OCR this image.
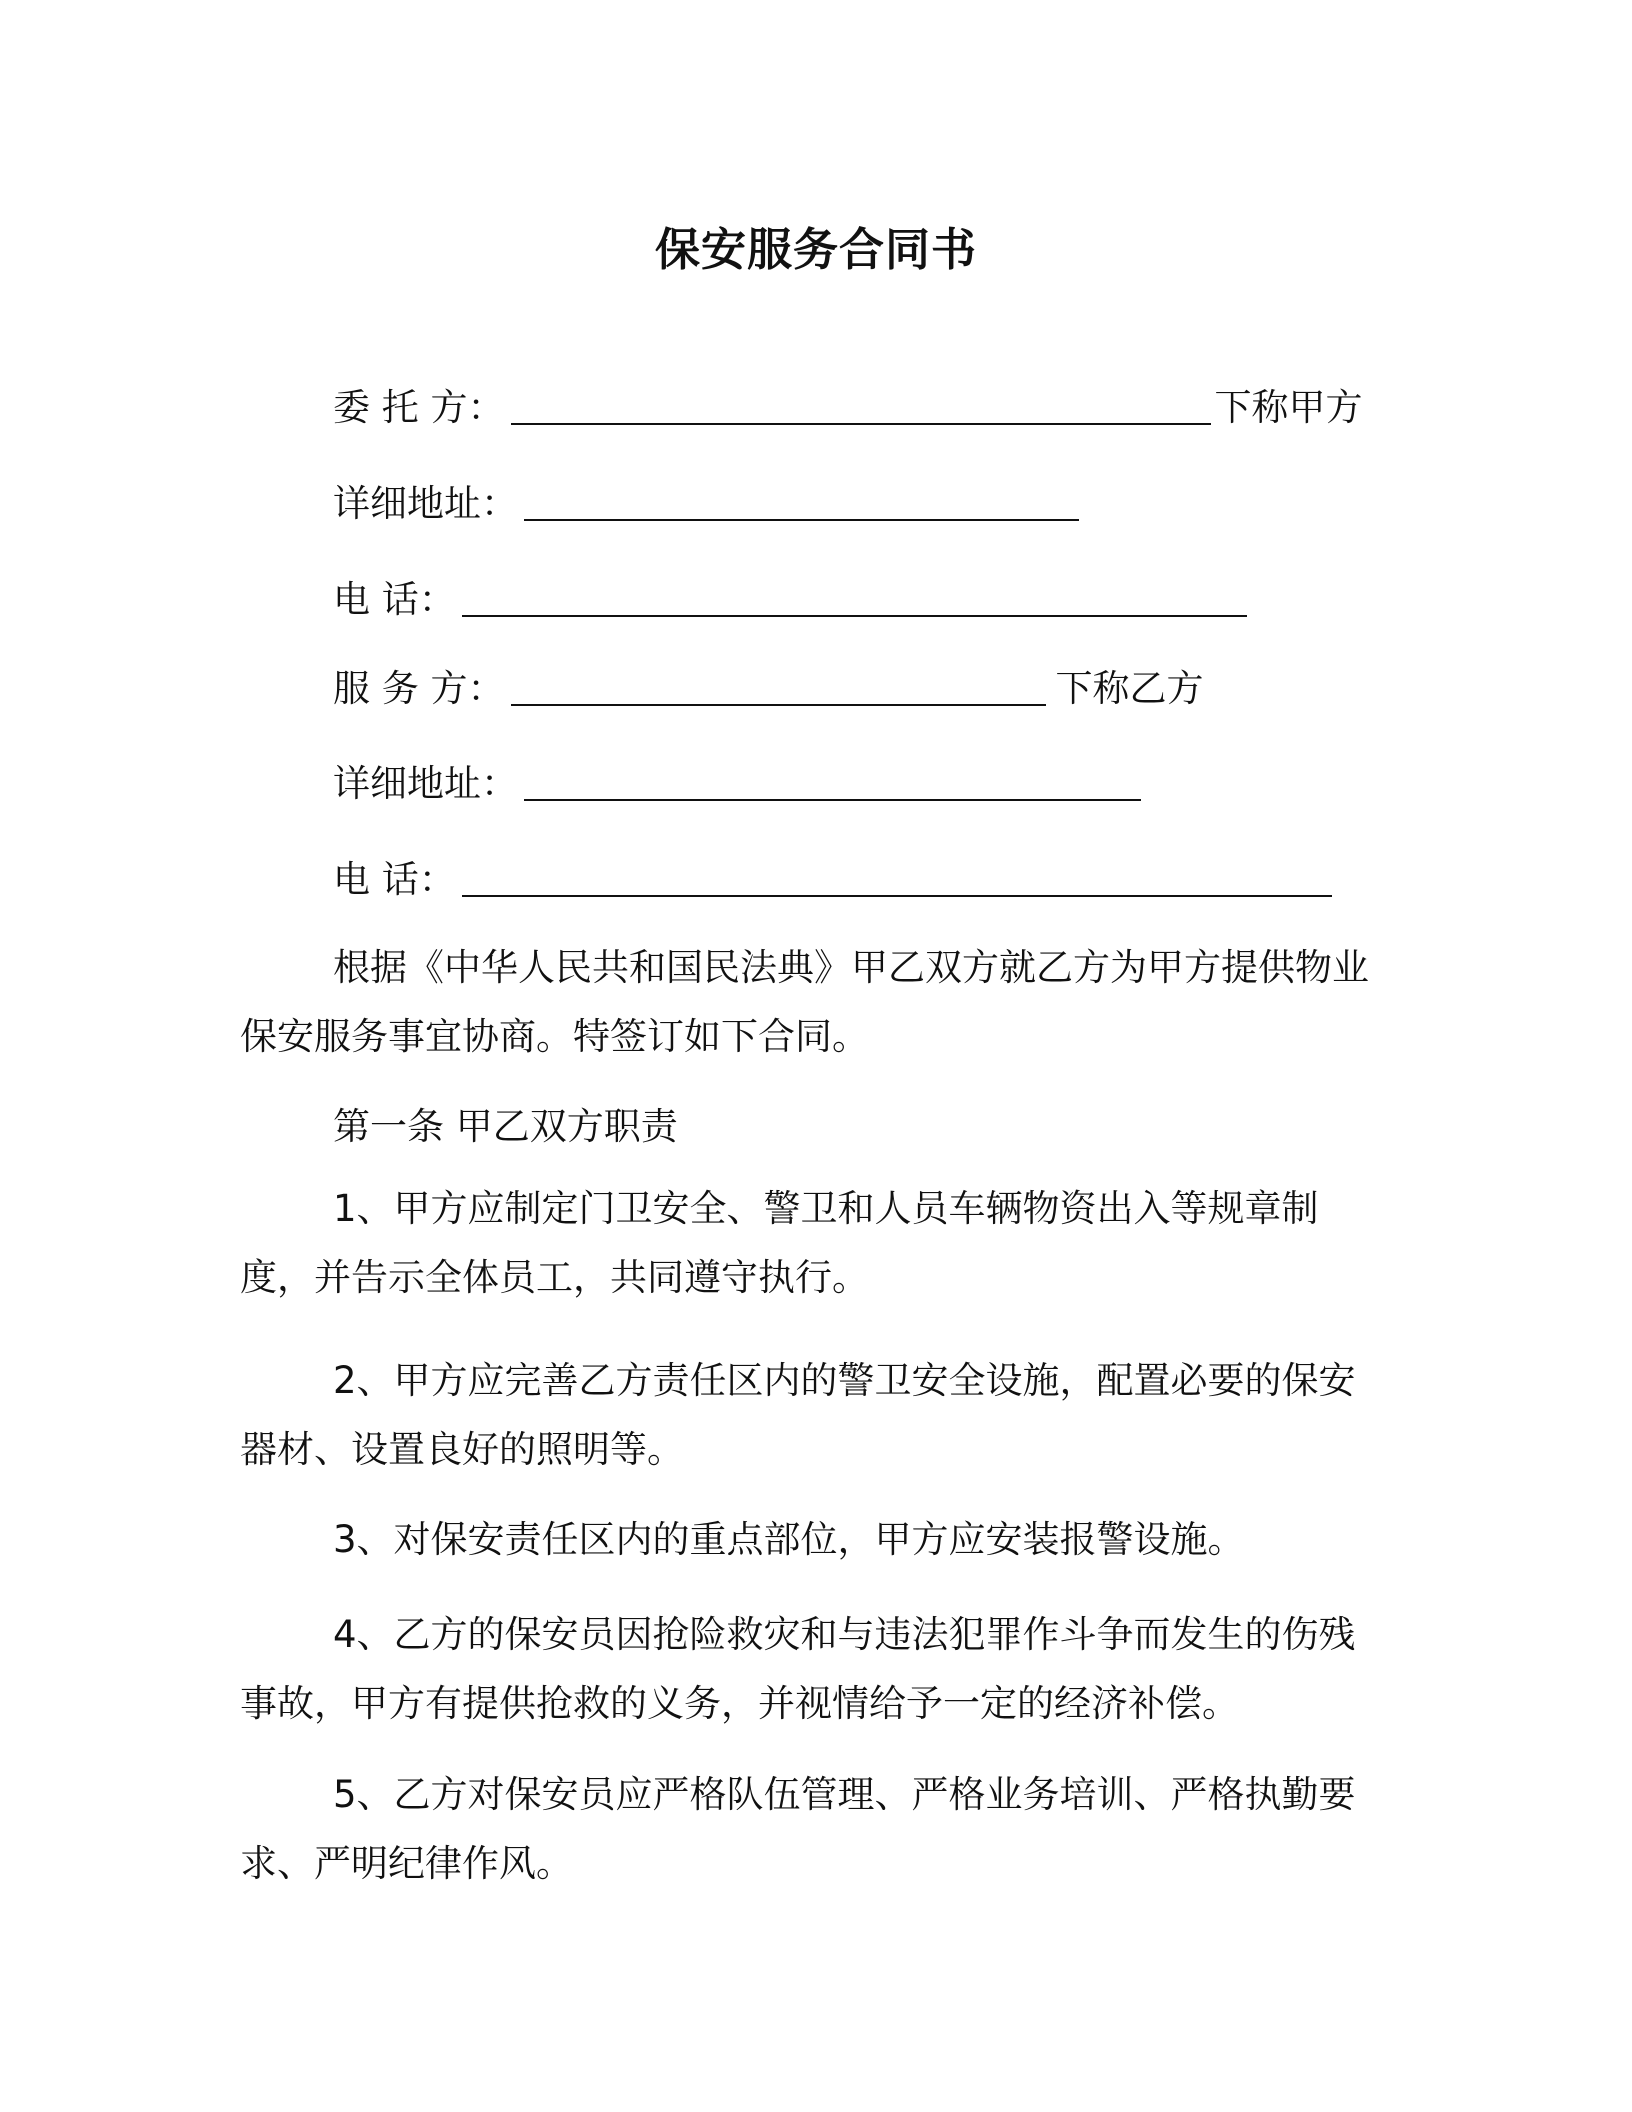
保安服务合同书
委 托 方：	下称甲方
详细地址：
电 话：
服 务 方：	下称乙方
详细地址：
电 话：

根据《中华人民共和国民法典》甲乙双方就乙方为甲方提供物业保安服务事宜协商。特签订如下合同。

第一条 甲乙双方职责

1、甲方应制定门卫安全、警卫和人员车辆物资出入等规章制度，并告示全体员工，共同遵守执行。

2、甲方应完善乙方责任区内的警卫安全设施，配置必要的保安器材、设置良好的照明等。

3、对保安责任区内的重点部位，甲方应安装报警设施。

4、乙方的保安员因抢险救灾和与违法犯罪作斗争而发生的伤残事故，甲方有提供抢救的义务，并视情给予一定的经济补偿。

5、乙方对保安员应严格队伍管理、严格业务培训、严格执勤要求、严明纪律作风。
